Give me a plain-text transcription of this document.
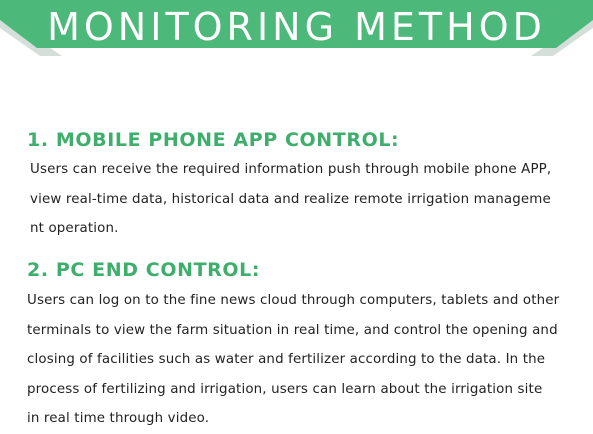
MONITORING METHOD
1. MOBILE PHONE APP CONTROL:
Users can receive the required information push through mobile phone APP,
view real-time data, historical data and realize remote irrigation manageme
nt operation.
2. PC END CONTROL:
Users can log on to the fine news cloud through computers, tablets and other
terminals to view the farm situation in real time, and control the opening and
closing of facilities such as water and fertilizer according to the data. In the
process of fertilizing and irrigation, users can learn about the irrigation site
in real time through video.
